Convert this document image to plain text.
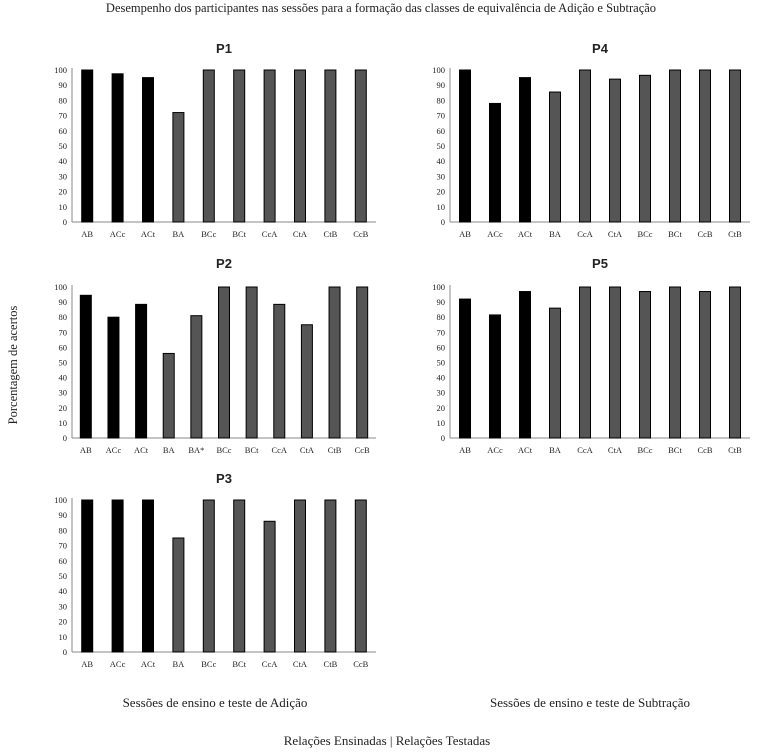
Desempenho dos participantes nas sessões para a formação das classes de equivalência de Adição e Subtração
Porcentagem de acertos
Sessões de ensino e teste de Adição	Sessões de ensino e teste de Subtração
Relações Ensinadas | Relações Testadas
P1
0
10
20
30
40
50
60
70
80
90
100
AB ACc ACt BA BCc BCt CcA CtA CtB CcB
P4
0
10
20
30
40
50
60
70
80
90
100
AB ACc ACt BA CcA CtA BCc BCt CcB CtB
P2
0
10
20
30
40
50
60
70
80
90
100
AB ACc ACt BA BA* BCc BCt CcA CtA CtB CcB
P5
0
10
20
30
40
50
60
70
80
90
100
AB ACc ACt BA CcA CtA BCc BCt CcB CtB
P3
0
10
20
30
40
50
60
70
80
90
100
AB ACc ACt BA BCc BCt CcA CtA CtB CcB
